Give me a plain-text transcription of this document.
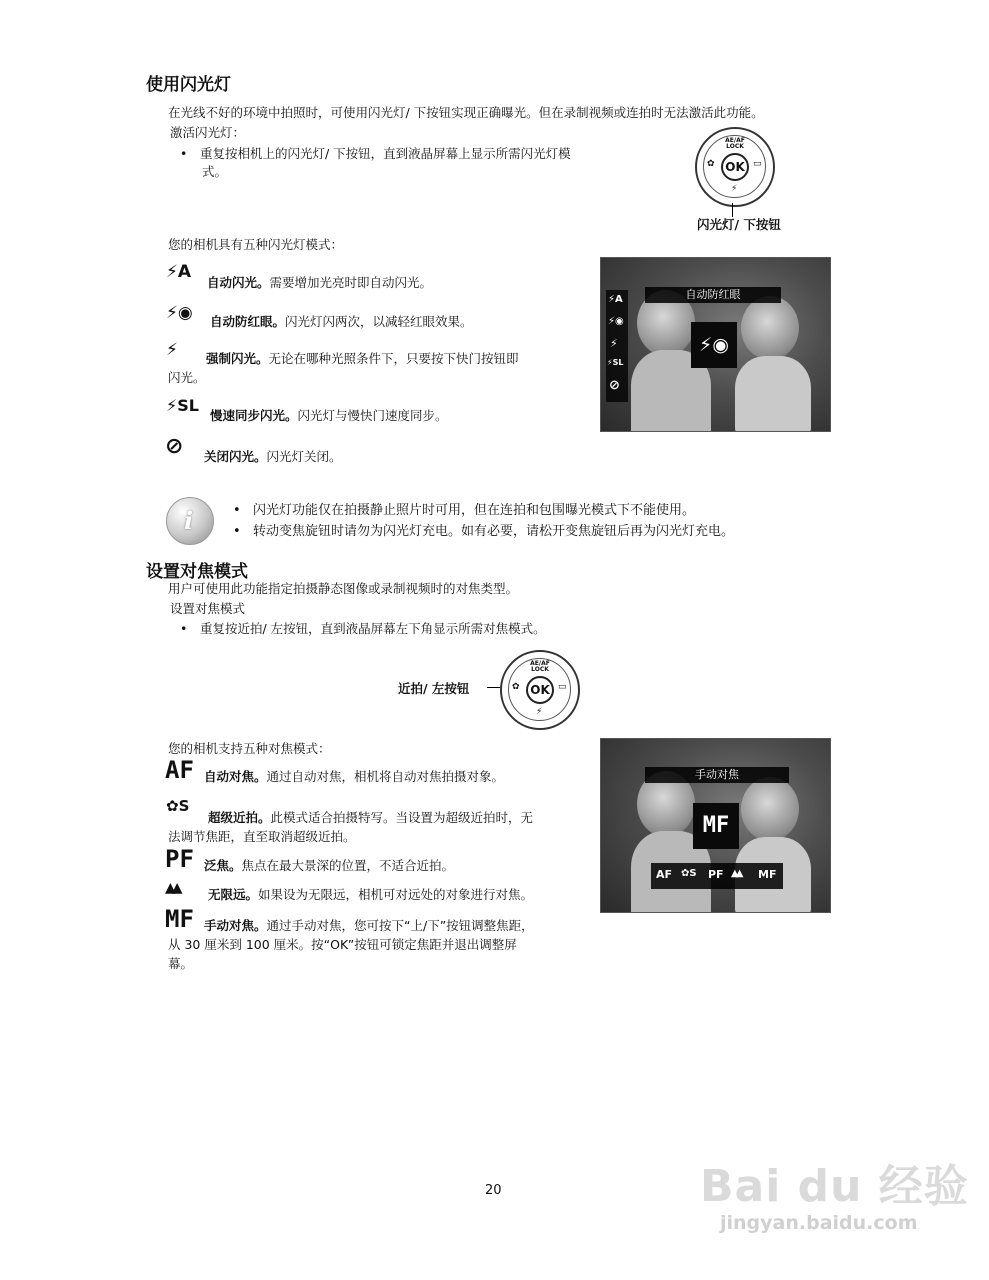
使用闪光灯
在光线不好的环境中拍照时，可使用闪光灯/ 下按钮实现正确曝光。但在录制视频或连拍时无法激活此功能。
激活闪光灯：
• 重复按相机上的闪光灯/ 下按钮，直到液晶屏幕上显示所需闪光灯模
式。
AE/AF LOCK
OK
✿	▭
⚡
闪光灯/ 下按钮
您的相机具有五种闪光灯模式：
⚡A
自动闪光。需要增加光亮时即自动闪光。
⚡◉ 自动防红眼。闪光灯闪两次，以减轻红眼效果。
⚡ 强制闪光。无论在哪种光照条件下，只要按下快门按钮即
闪光。
⚡SL
慢速同步闪光。闪光灯与慢快门速度同步。
⊘ 关闭闪光。闪光灯关闭。
自动防红眼
⚡A
⚡◉
⚡
⚡SL
⊘
⚡◉
i
•	闪光灯功能仅在拍摄静止照片时可用，但在连拍和包围曝光模式下不能使用。
• 转动变焦旋钮时请勿为闪光灯充电。如有必要，请松开变焦旋钮后再为闪光灯充电。
设置对焦模式
用户可使用此功能指定拍摄静态图像或录制视频时的对焦类型。
设置对焦模式
• 重复按近拍/ 左按钮，直到液晶屏幕左下角显示所需对焦模式。
近拍/ 左按钮
AE/AF LOCK
OK
✿	▭
⚡
您的相机支持五种对焦模式：
AF 自动对焦。通过自动对焦，相机将自动对焦拍摄对象。
✿S
超级近拍。此模式适合拍摄特写。当设置为超级近拍时，无
法调节焦距，直至取消超级近拍。
PF 泛焦。焦点在最大景深的位置，不适合近拍。
▲▲ 无限远。如果设为无限远，相机可对远处的对象进行对焦。
MF 手动对焦。通过手动对焦，您可按下“上/下”按钮调整焦距，
从 30 厘米到 100 厘米。按“OK”按钮可锁定焦距并退出调整屏
幕。
手动对焦
MF
AF ✿S PF ▲▲ MF
20	Bai du 经验
jingyan.baidu.com
